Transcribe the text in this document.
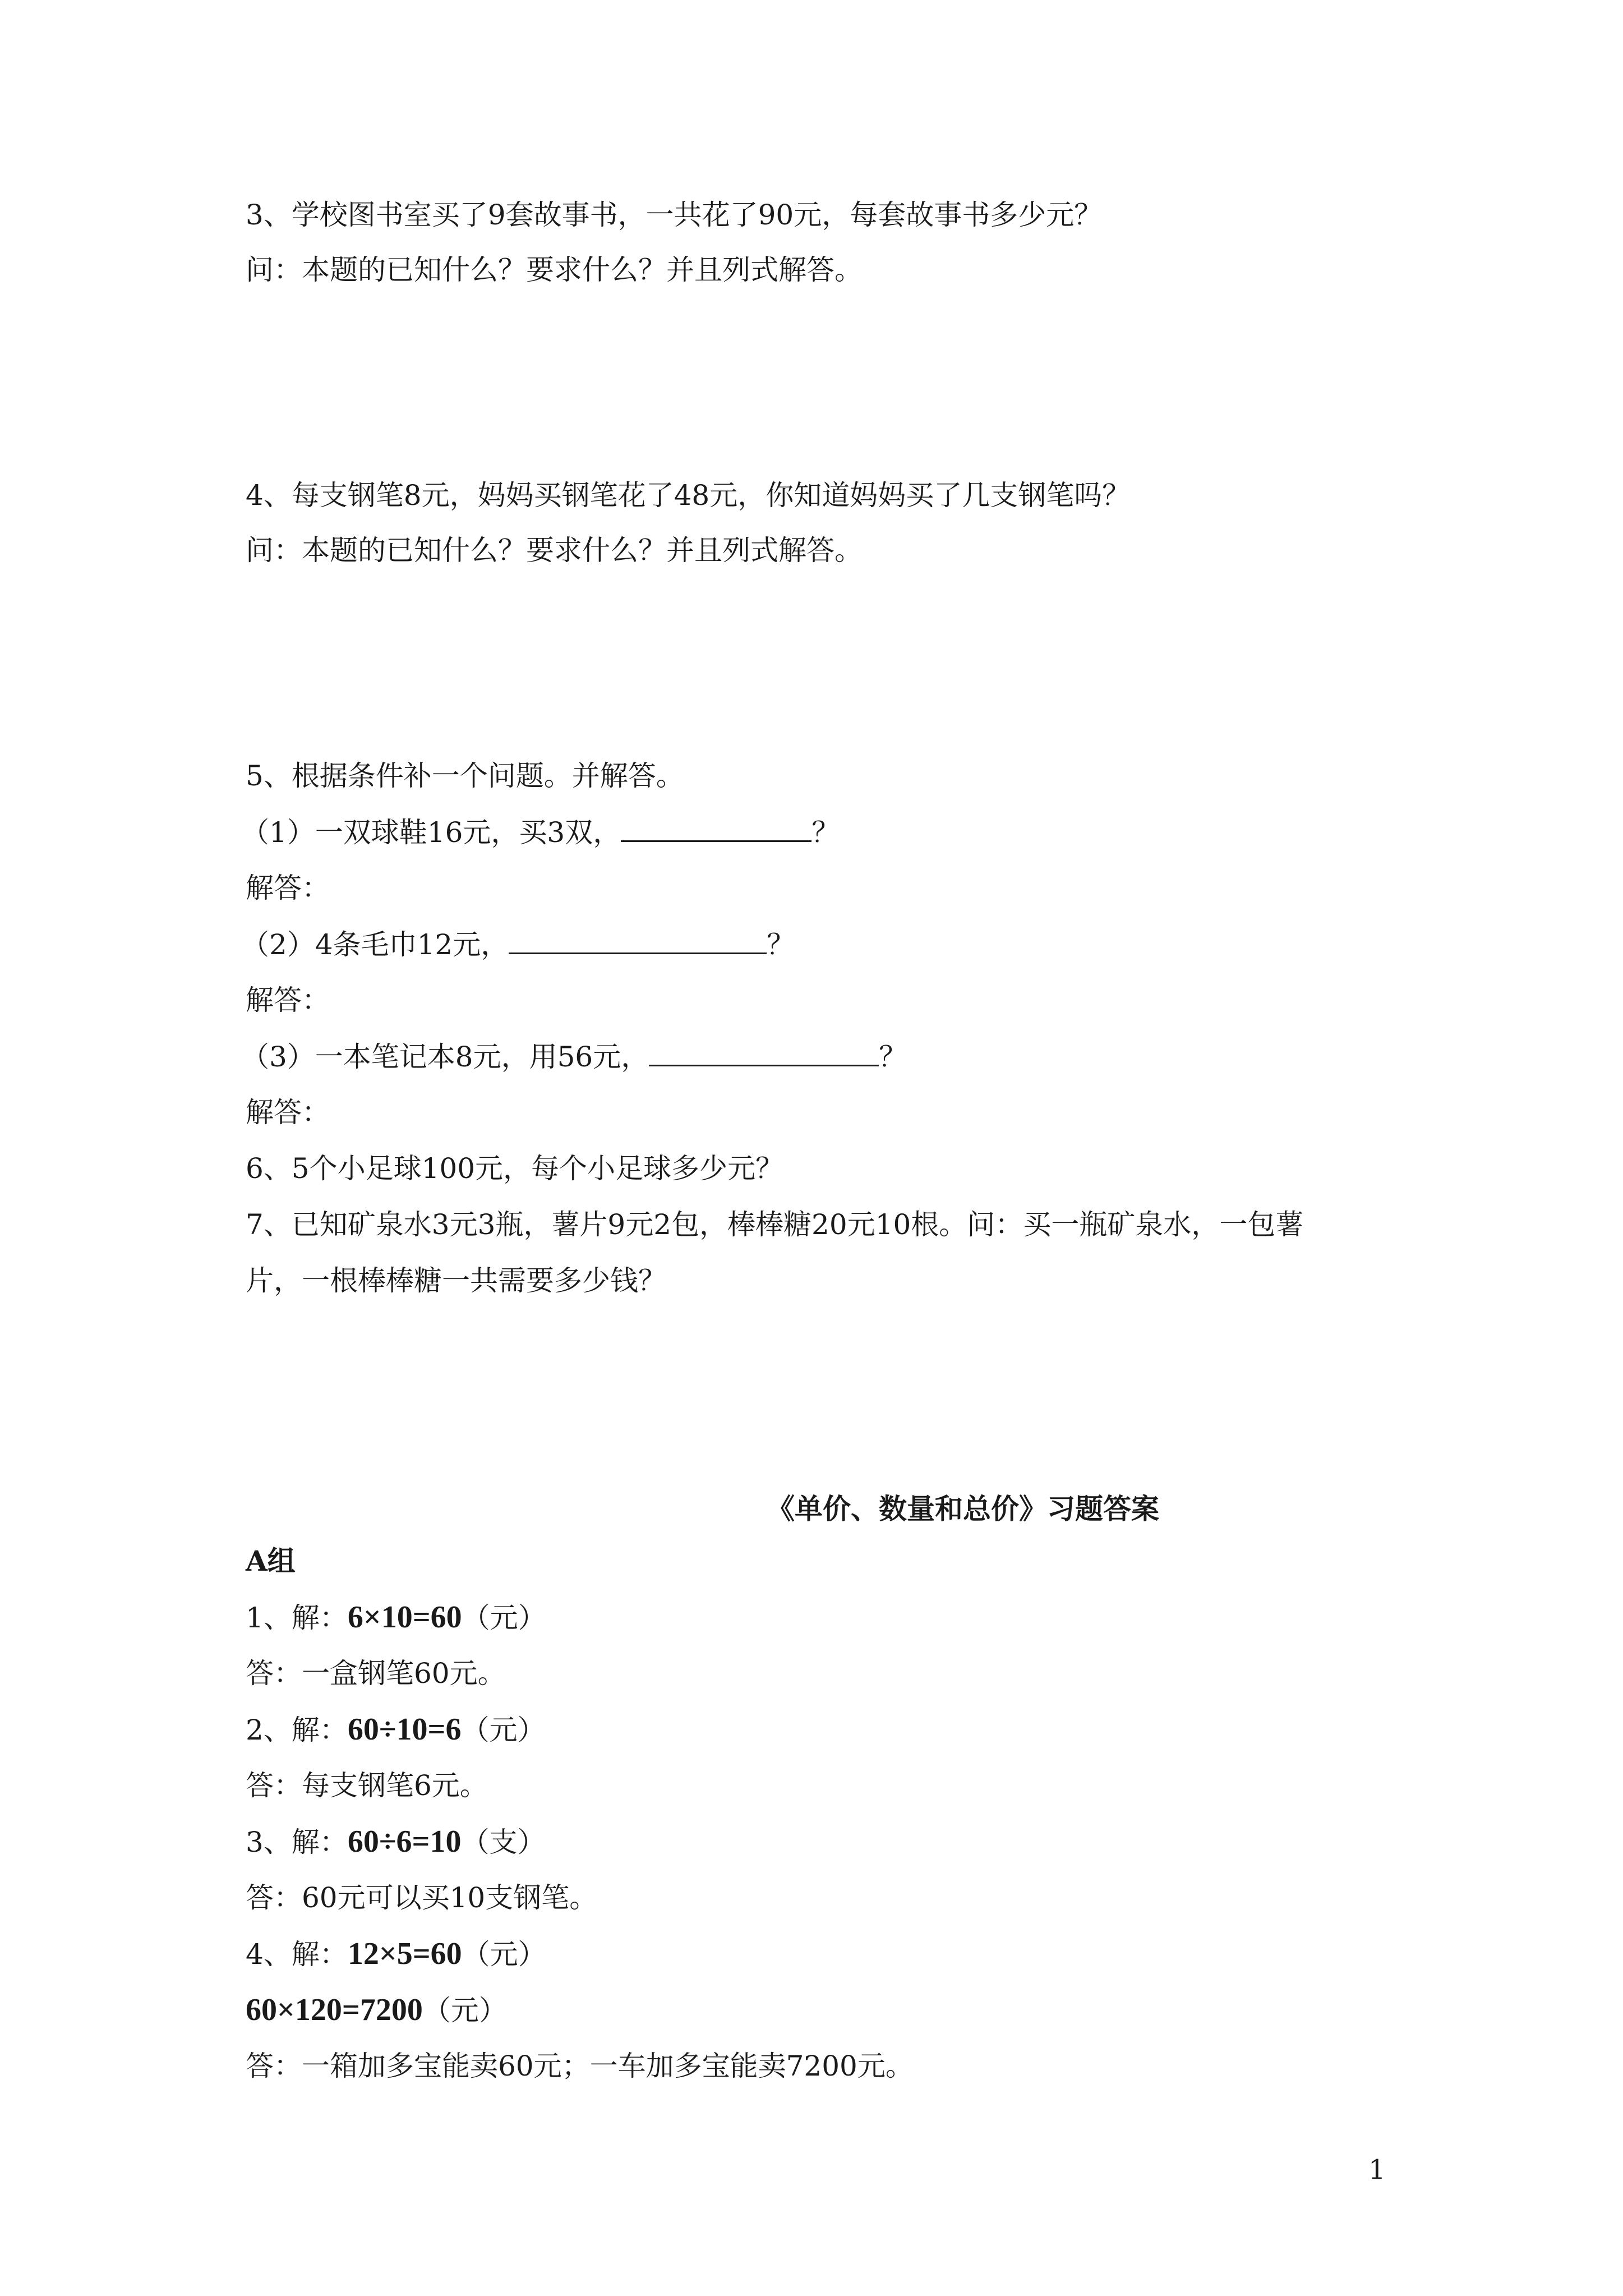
3、学校图书室买了9套故事书，一共花了90元，每套故事书多少元？
问：本题的已知什么？要求什么？并且列式解答。
4、每支钢笔8元，妈妈买钢笔花了48元，你知道妈妈买了几支钢笔吗？
问：本题的已知什么？要求什么？并且列式解答。
5、根据条件补一个问题。并解答。
（1）一双球鞋16元，买3双，	？
解答：
（2）4条毛巾12元，	？
解答：
（3）一本笔记本8元，用56元，	？
解答：
6、5个小足球100元，每个小足球多少元？
7、已知矿泉水3元3瓶，薯片9元2包，棒棒糖20元10根。问：买一瓶矿泉水，一包薯
片，一根棒棒糖一共需要多少钱？
《单价、数量和总价》习题答案
A组
1、解：6×10=60（元）
答：一盒钢笔60元。
2、解：60÷10=6（元）
答：每支钢笔6元。
3、解：60÷6=10（支）
答：60元可以买10支钢笔。
4、解：12×5=60（元）
60×120=7200（元）
答：一箱加多宝能卖60元；一车加多宝能卖7200元。
1
